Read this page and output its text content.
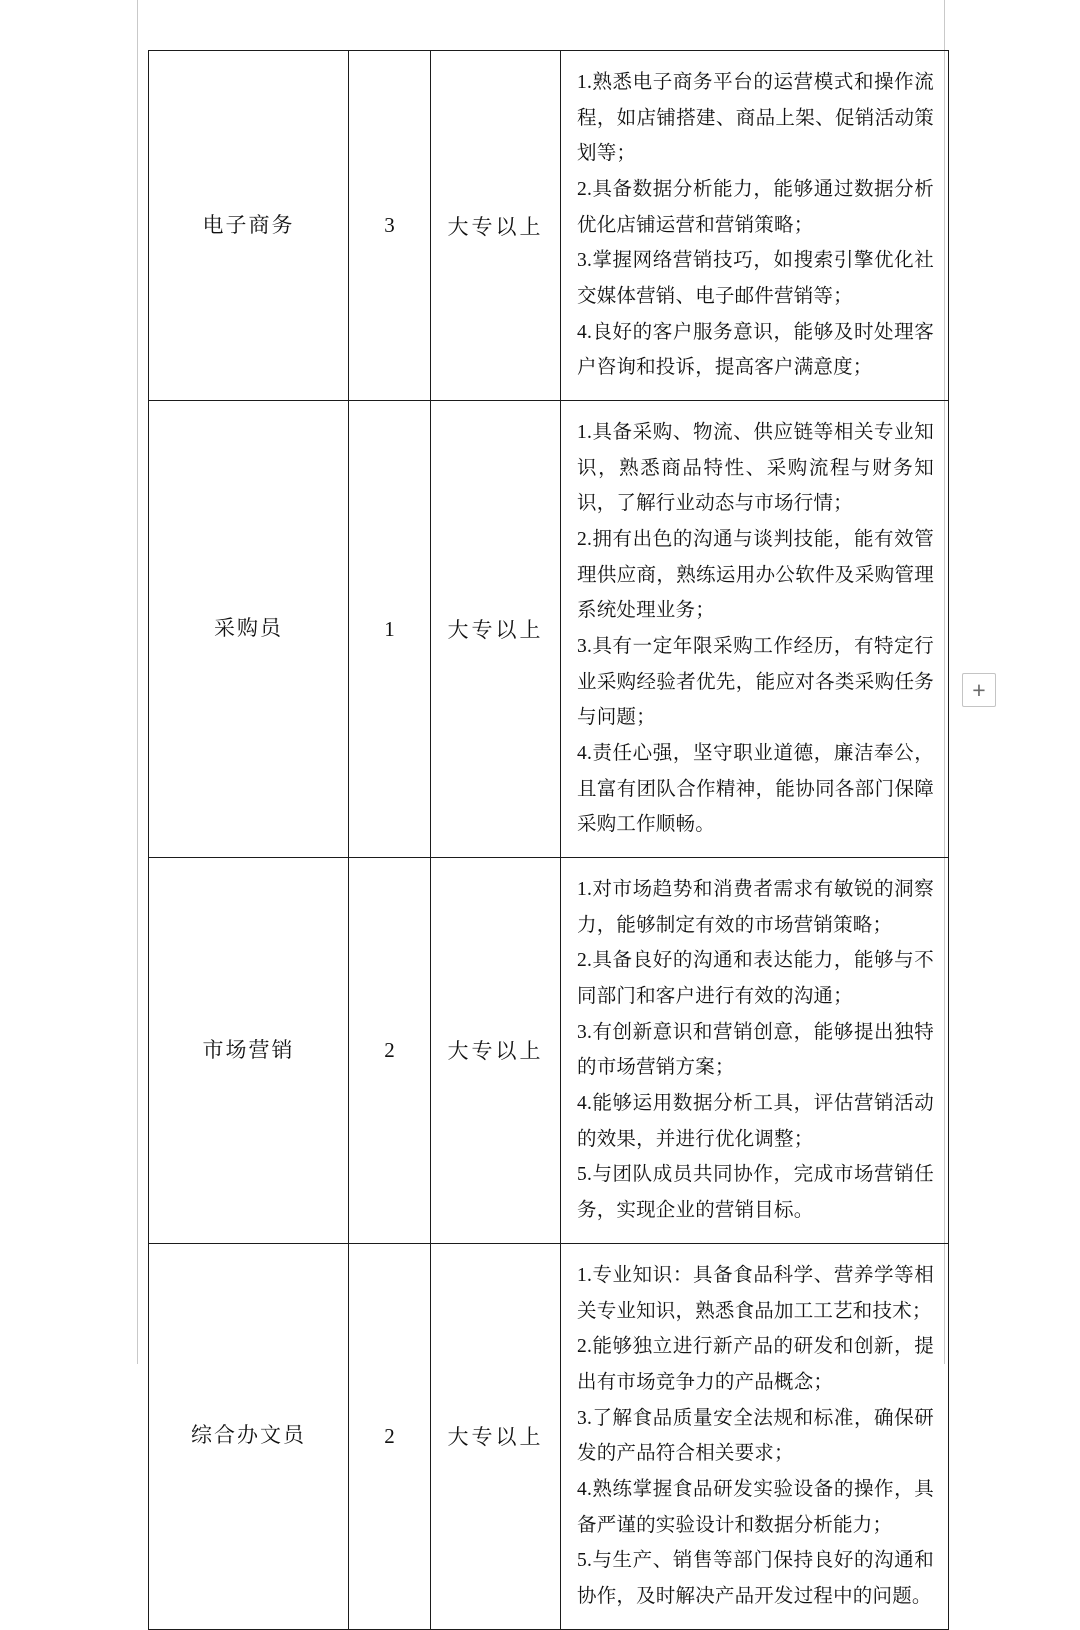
电子商务	3	大专以上	1.熟悉电子商务平台的运营模式和操作流程，如店铺搭建、商品上架、促销活动策划等；

2.具备数据分析能力，能够通过数据分析优化店铺运营和营销策略；

3.掌握网络营销技巧，如搜索引擎优化社交媒体营销、电子邮件营销等；

4.良好的客户服务意识，能够及时处理客户咨询和投诉，提高客户满意度；

采购员	1	大专以上	1.具备采购、物流、供应链等相关专业知识，熟悉商品特性、采购流程与财务知识，了解行业动态与市场行情；

2.拥有出色的沟通与谈判技能，能有效管理供应商，熟练运用办公软件及采购管理系统处理业务；

3.具有一定年限采购工作经历，有特定行业采购经验者优先，能应对各类采购任务与问题；

4.责任心强，坚守职业道德，廉洁奉公，且富有团队合作精神，能协同各部门保障采购工作顺畅。

市场营销	2	大专以上	1.对市场趋势和消费者需求有敏锐的洞察力，能够制定有效的市场营销策略；

2.具备良好的沟通和表达能力，能够与不同部门和客户进行有效的沟通；

3.有创新意识和营销创意，能够提出独特的市场营销方案；

4.能够运用数据分析工具，评估营销活动的效果，并进行优化调整；

5.与团队成员共同协作，完成市场营销任务，实现企业的营销目标。

综合办文员	2	大专以上	1.专业知识：具备食品科学、营养学等相关专业知识，熟悉食品加工工艺和技术；

2.能够独立进行新产品的研发和创新，提出有市场竞争力的产品概念；

3.了解食品质量安全法规和标准，确保研发的产品符合相关要求；

4.熟练掌握食品研发实验设备的操作，具备严谨的实验设计和数据分析能力；

5.与生产、销售等部门保持良好的沟通和协作，及时解决产品开发过程中的问题。

+
